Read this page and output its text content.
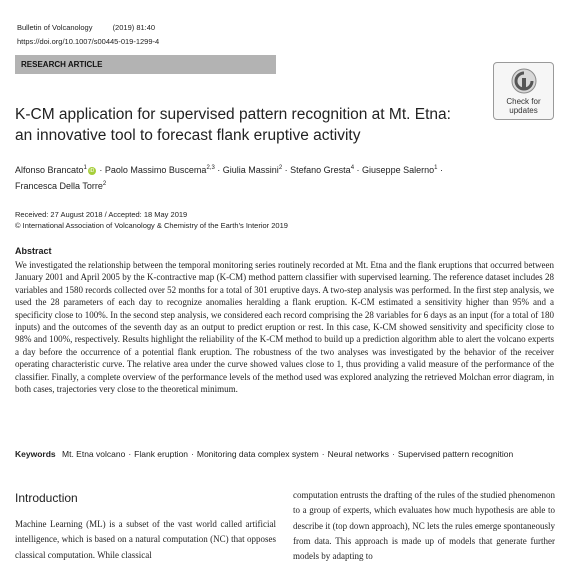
Bulletin of Volcanology	(2019) 81:40
https://doi.org/10.1007/s00445-019-1299-4
RESEARCH ARTICLE
Check for
updates
K-CM application for supervised pattern recognition at Mt. Etna:
an innovative tool to forecast flank eruptive activity
Alfonso Brancato$^1$ iD · Paolo Massimo Buscema$^{2,3}$ · Giulia Massini$^2$ · Stefano Gresta$^4$ · Giuseppe Salerno$^1$ ·
Francesca Della Torre$^2$
Received: 27 August 2018 / Accepted: 18 May 2019
© International Association of Volcanology & Chemistry of the Earth's Interior 2019
Abstract
We investigated the relationship between the temporal monitoring series routinely recorded at Mt. Etna and the flank eruptions that occurred between January 2001 and April 2005 by the K-contractive map (K-CM) method pattern classifier with supervised learning. The reference dataset includes 28 variables and 1580 records collected over 52 months for a total of 301 eruptive days. A two-step analysis was performed. In the first step analysis, we used the 28 parameters of each day to recognize anomalies heralding a flank eruption. K-CM estimated a sensitivity higher than 95% and a specificity close to 100%. In the second step analysis, we considered each record comprising the 28 variables for 6 days as an input (for a total of 180 inputs) and the outcomes of the seventh day as an output to predict eruption or rest. In this case, K-CM showed sensitivity and specificity close to 98% and 100%, respectively. Results highlight the reliability of the K-CM method to build up a prediction algorithm able to alert the volcano experts a day before the occurrence of a potential flank eruption. The robustness of the two analyses was investigated by the behavior of the receiver operating characteristic curve. The relative area under the curve showed values close to 1, thus providing a valid measure of the performance of the classifier. Finally, a complete overview of the performance levels of the method used was explored analyzing the retrieved Molchan error diagram, in both cases, trajectories very close to the theoretical minimum.
Keywords Mt. Etna volcano · Flank eruption · Monitoring data complex system · Neural networks · Supervised pattern recognition
Introduction
Machine Learning (ML) is a subset of the vast world called artificial intelligence, which is based on a natural computation (NC) that opposes classical computation. While classical
computation entrusts the drafting of the rules of the studied phenomenon to a group of experts, which evaluates how much hypothesis are able to describe it (top down approach), NC lets the rules emerge spontaneously from data. This approach is made up of models that generate further models by adapting to
